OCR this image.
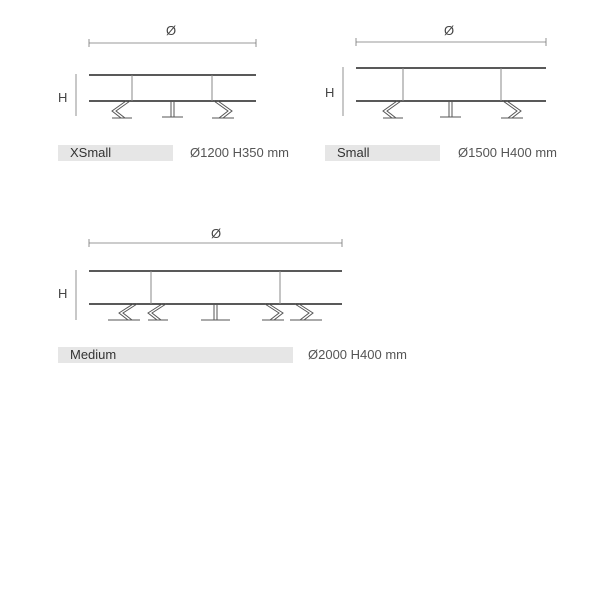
Ø
H
XSmall	Ø1200 H350 mm
Ø
H
Small	Ø1500 H400 mm
Ø
H
Medium	Ø2000 H400 mm
